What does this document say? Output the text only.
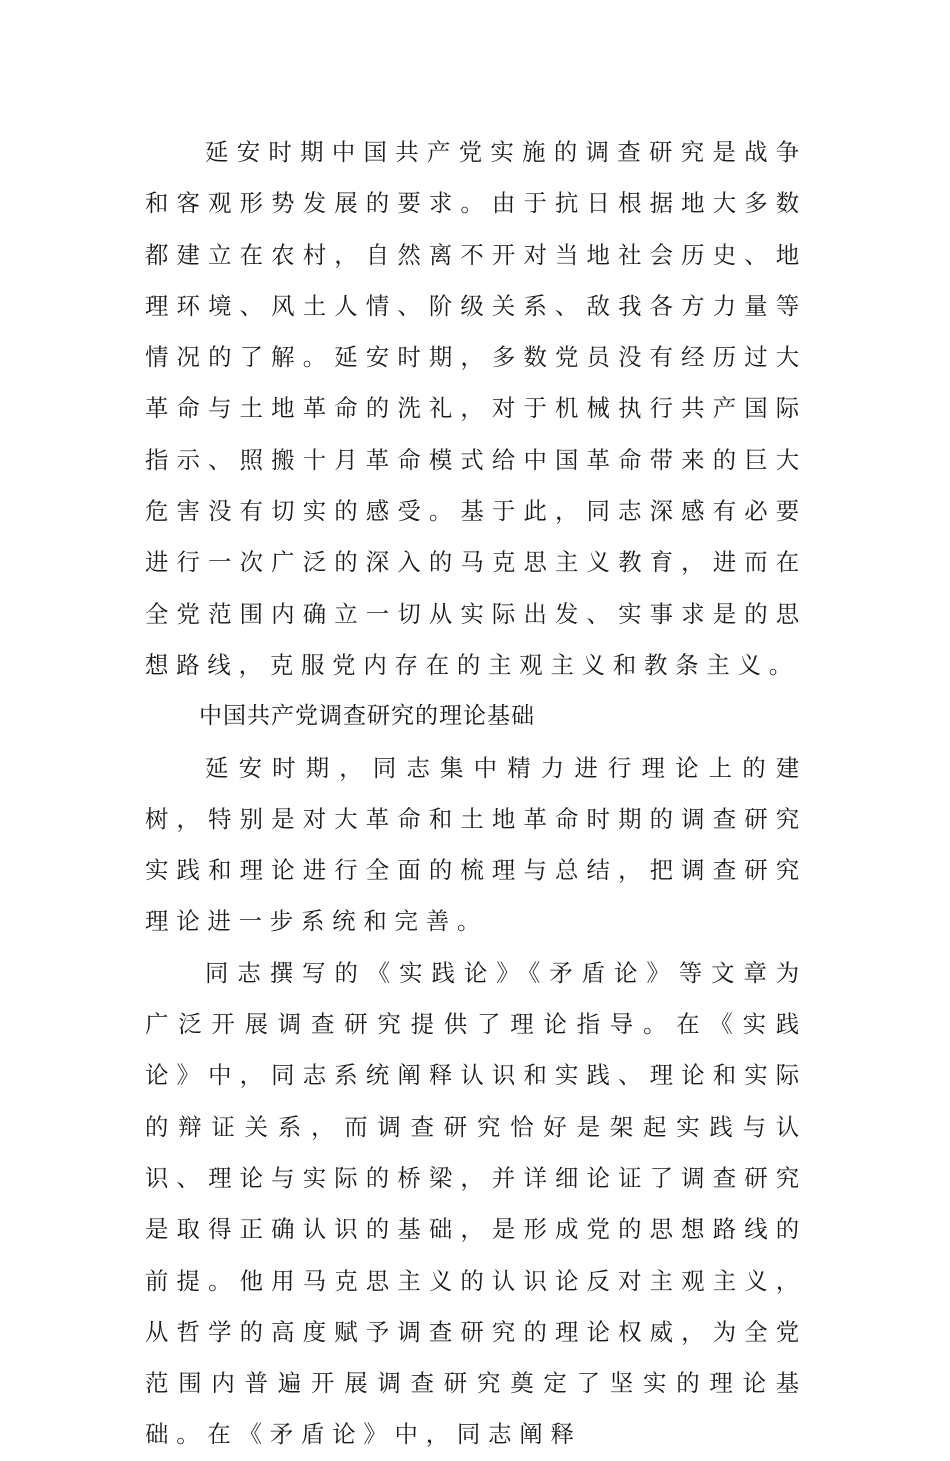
延安时期中国共产党实施的调查研究是战争和客观形势发展的要求。由于抗日根据地大多数都建立在农村，自然离不开对当地社会历史、地理环境、风土人情、阶级关系、敌我各方力量等情况的了解。延安时期，多数党员没有经历过大革命与土地革命的洗礼，对于机械执行共产国际指示、照搬十月革命模式给中国革命带来的巨大危害没有切实的感受。基于此，同志深感有必要进行一次广泛的深入的马克思主义教育，进而在全党范围内确立一切从实际出发、实事求是的思想路线，克服党内存在的主观主义和教条主义。

中国共产党调查研究的理论基础

延安时期，同志集中精力进行理论上的建树，特别是对大革命和土地革命时期的调查研究实践和理论进行全面的梳理与总结，把调查研究理论进一步系统和完善。

同志撰写的《实践论》《矛盾论》等文章为广泛开展调查研究提供了理论指导。在《实践论》中，同志系统阐释认识和实践、理论和实际的辩证关系，而调查研究恰好是架起实践与认识、理论与实际的桥梁，并详细论证了调查研究是取得正确认识的基础，是形成党的思想路线的前提。他用马克思主义的认识论反对主观主义，从哲学的高度赋予调查研究的理论权威，为全党范围内普遍开展调查研究奠定了坚实的理论基础。在《矛盾论》中，同志阐释
